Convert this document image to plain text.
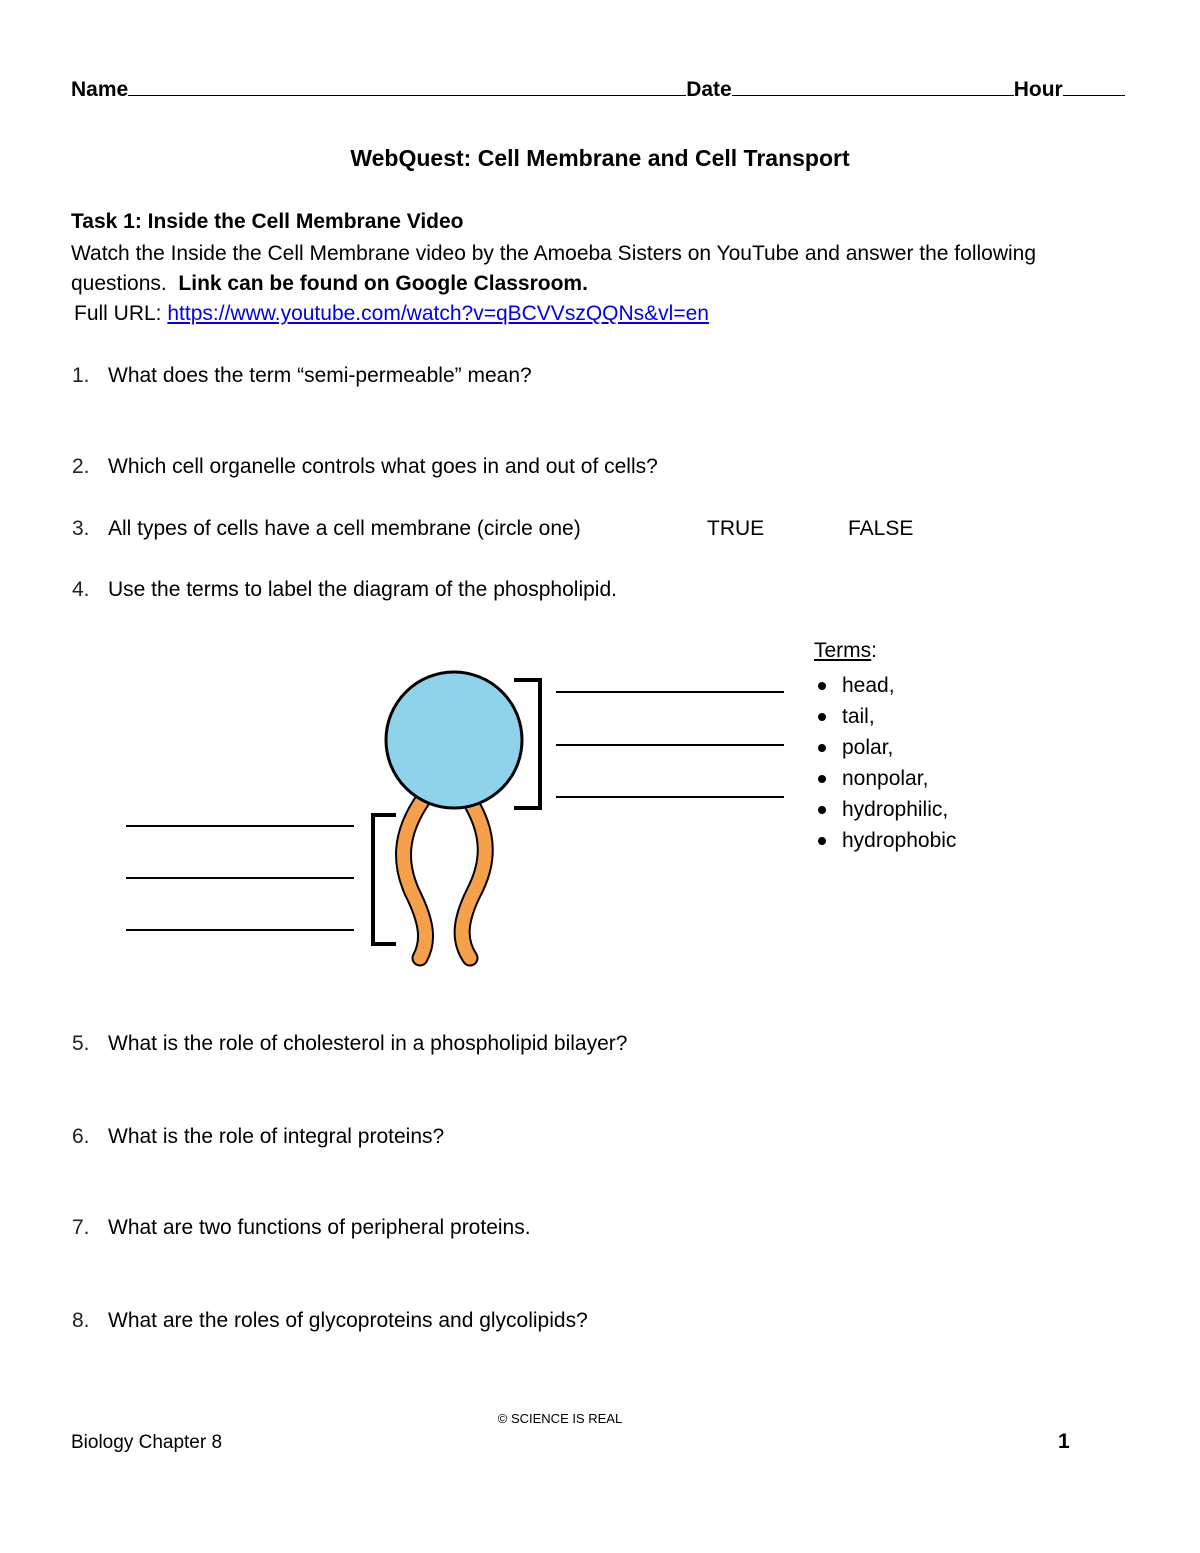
Name	Date	Hour
WebQuest: Cell Membrane and Cell Transport
Task 1: Inside the Cell Membrane Video
Watch the Inside the Cell Membrane video by the Amoeba Sisters on YouTube and answer the following questions. Link can be found on Google Classroom.
Full URL: https://www.youtube.com/watch?v=qBCVVszQQNs&vl=en
1. What does the term “semi-permeable” mean?
2. Which cell organelle controls what goes in and out of cells?
3. All types of cells have a cell membrane (circle one)	TRUE	FALSE
4. Use the terms to label the diagram of the phospholipid.
Terms:
head,
tail,
polar,
nonpolar,
hydrophilic,
hydrophobic
5. What is the role of cholesterol in a phospholipid bilayer?
6. What is the role of integral proteins?
7. What are two functions of peripheral proteins.
8. What are the roles of glycoproteins and glycolipids?
© SCIENCE IS REAL
Biology Chapter 8	1
